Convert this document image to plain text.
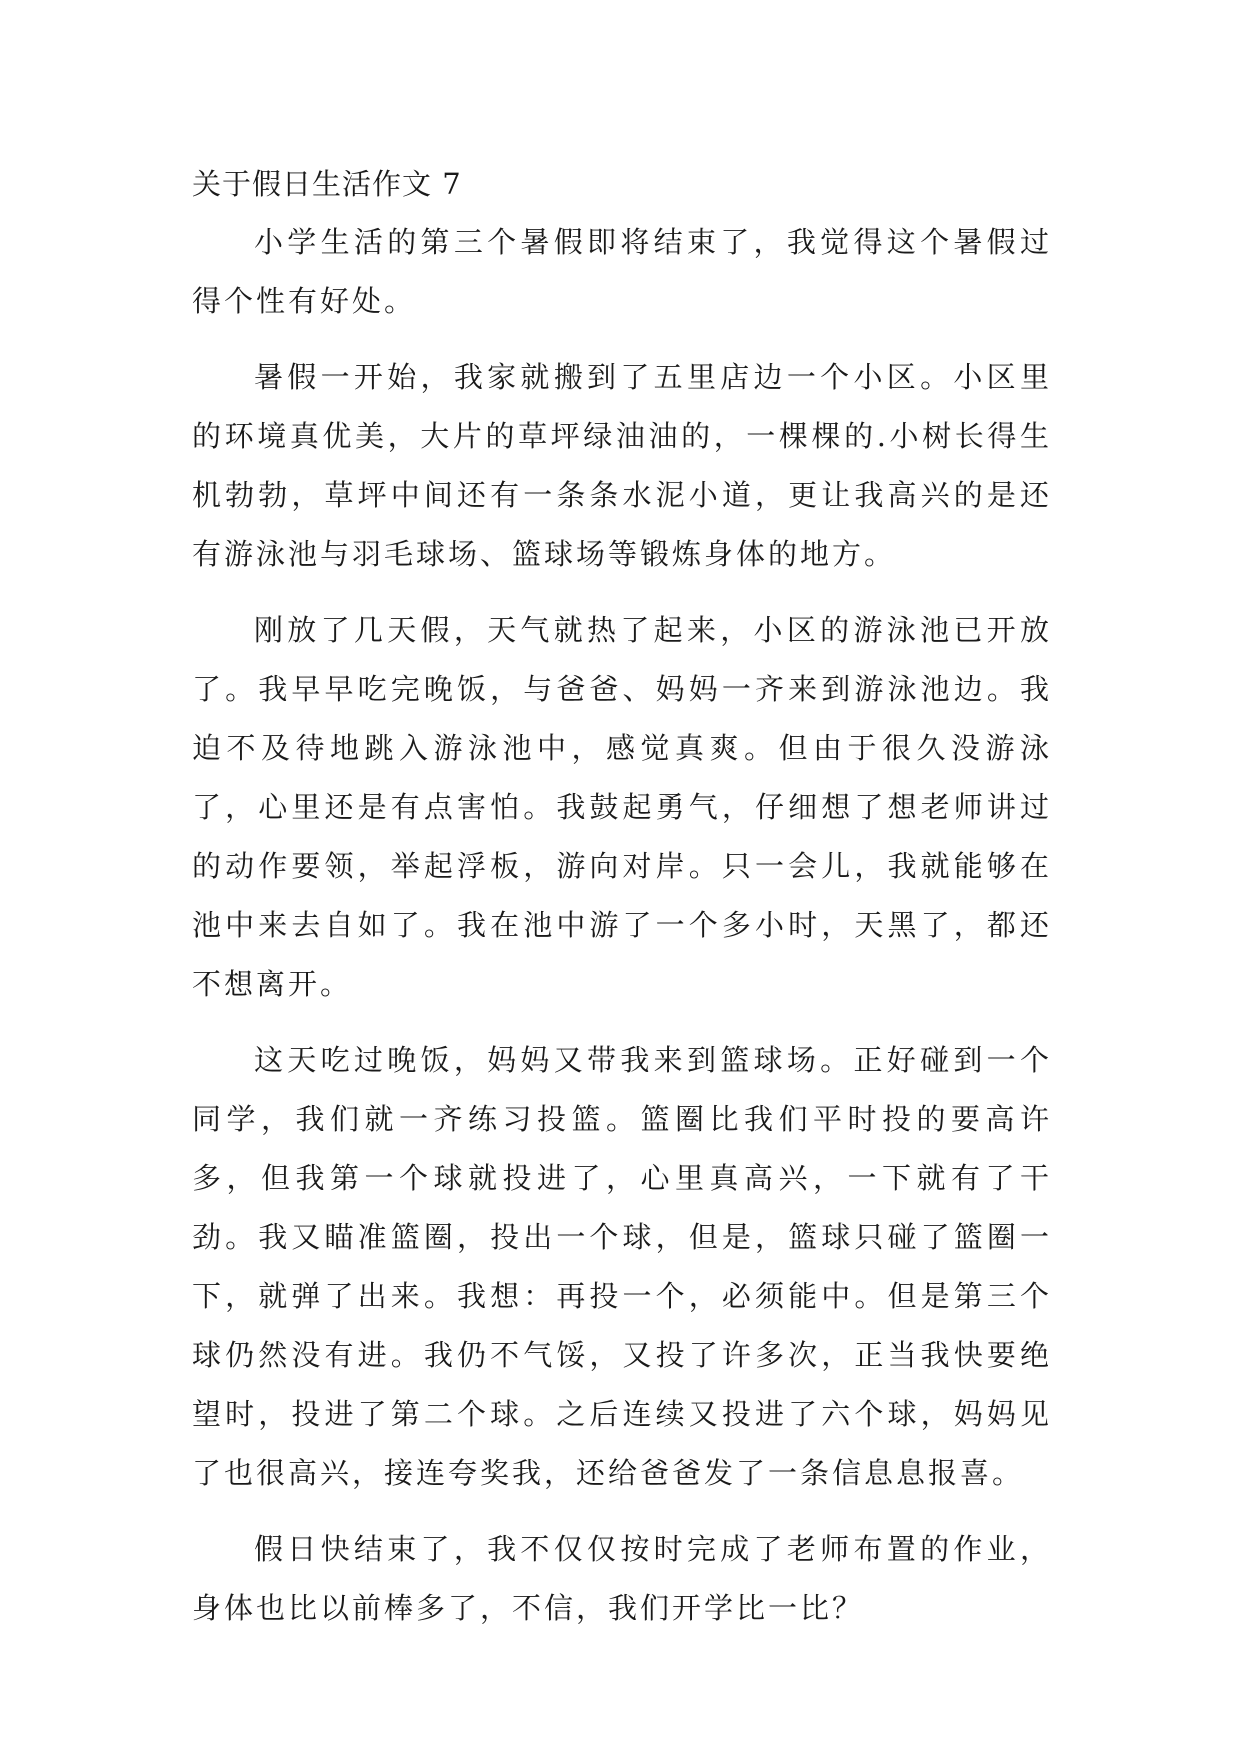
关于假日生活作文 7

小学生活的第三个暑假即将结束了，我觉得这个暑假过得个性有好处。

暑假一开始，我家就搬到了五里店边一个小区。小区里的环境真优美，大片的草坪绿油油的，一棵棵的.小树长得生机勃勃，草坪中间还有一条条水泥小道，更让我高兴的是还有游泳池与羽毛球场、篮球场等锻炼身体的地方。

刚放了几天假，天气就热了起来，小区的游泳池已开放了。我早早吃完晚饭，与爸爸、妈妈一齐来到游泳池边。我迫不及待地跳入游泳池中，感觉真爽。但由于很久没游泳了，心里还是有点害怕。我鼓起勇气，仔细想了想老师讲过的动作要领，举起浮板，游向对岸。只一会儿，我就能够在池中来去自如了。我在池中游了一个多小时，天黑了，都还不想离开。

这天吃过晚饭，妈妈又带我来到篮球场。正好碰到一个同学，我们就一齐练习投篮。篮圈比我们平时投的要高许多，但我第一个球就投进了，心里真高兴，一下就有了干劲。我又瞄准篮圈，投出一个球，但是，篮球只碰了篮圈一下，就弹了出来。我想：再投一个，必须能中。但是第三个球仍然没有进。我仍不气馁，又投了许多次，正当我快要绝望时，投进了第二个球。之后连续又投进了六个球，妈妈见了也很高兴，接连夸奖我，还给爸爸发了一条信息息报喜。

假日快结束了，我不仅仅按时完成了老师布置的作业，身体也比以前棒多了，不信，我们开学比一比？
